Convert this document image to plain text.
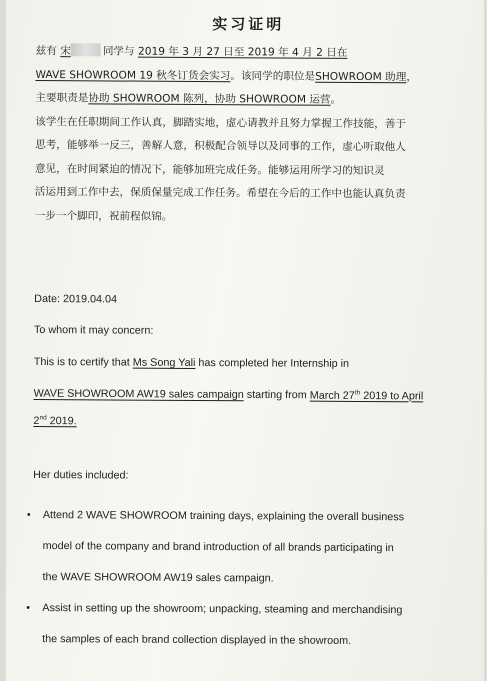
实习证明
兹有 宋	同学与 2019 年 3 月 27 日至 2019 年 4 月 2 日在
WAVE SHOWROOM 19 秋冬订货会实习。该同学的职位是SHOWROOM 助理，
主要职责是协助 SHOWROOM 陈列，协助 SHOWROOM 运营。
该学生在任职期间工作认真，脚踏实地，虚心请教并且努力掌握工作技能，善于
思考，能够举一反三，善解人意，积极配合领导以及同事的工作，虚心听取他人
意见，在时间紧迫的情况下，能够加班完成任务。能够运用所学习的知识灵
活运用到工作中去，保质保量完成工作任务。希望在今后的工作中也能认真负责
一步一个脚印，祝前程似锦。
Date: 2019.04.04
To whom it may concern:
This is to certify that Ms Song Yali has completed her Internship in
WAVE SHOWROOM AW19 sales campaign starting from March 27th 2019 to April
2nd 2019.
Her duties included:
• Attend 2 WAVE SHOWROOM training days, explaining the overall business
model of the company and brand introduction of all brands participating in
the WAVE SHOWROOM AW19 sales campaign.
• Assist in setting up the showroom; unpacking, steaming and merchandising
the samples of each brand collection displayed in the showroom.
